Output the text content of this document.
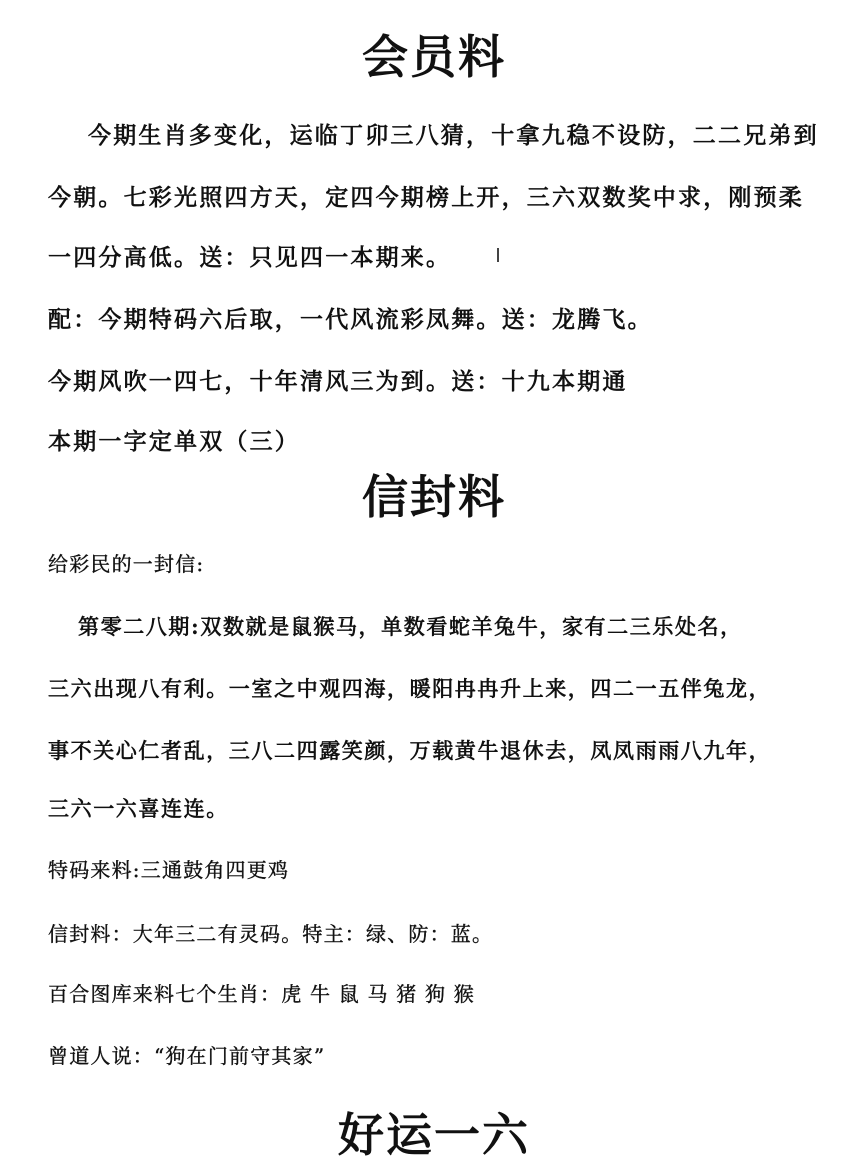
会员料

今期生肖多变化，运临丁卯三八猜，十拿九稳不设防，二二兄弟到

今朝。七彩光照四方天，定四今期榜上开，三六双数奖中求，刚预柔

一四分高低。送：只见四一本期来。

配：今期特码六后取，一代风流彩凤舞。送：龙腾飞。

今期风吹一四七，十年清风三为到。送：十九本期通

本期一字定单双（三）

信封料

给彩民的一封信:

第零二八期:双数就是鼠猴马，单数看蛇羊兔牛，家有二三乐处名，

三六出现八有利。一室之中观四海，暖阳冉冉升上来，四二一五伴兔龙，

事不关心仁者乱，三八二四露笑颜，万载黄牛退休去，凤凤雨雨八九年，

三六一六喜连连。

特码来料:三通鼓角四更鸡

信封料：大年三二有灵码。特主：绿、防：蓝。

百合图库来料七个生肖：虎 牛 鼠 马 猪 狗 猴

曾道人说：“狗在门前守其家”

好运一六
